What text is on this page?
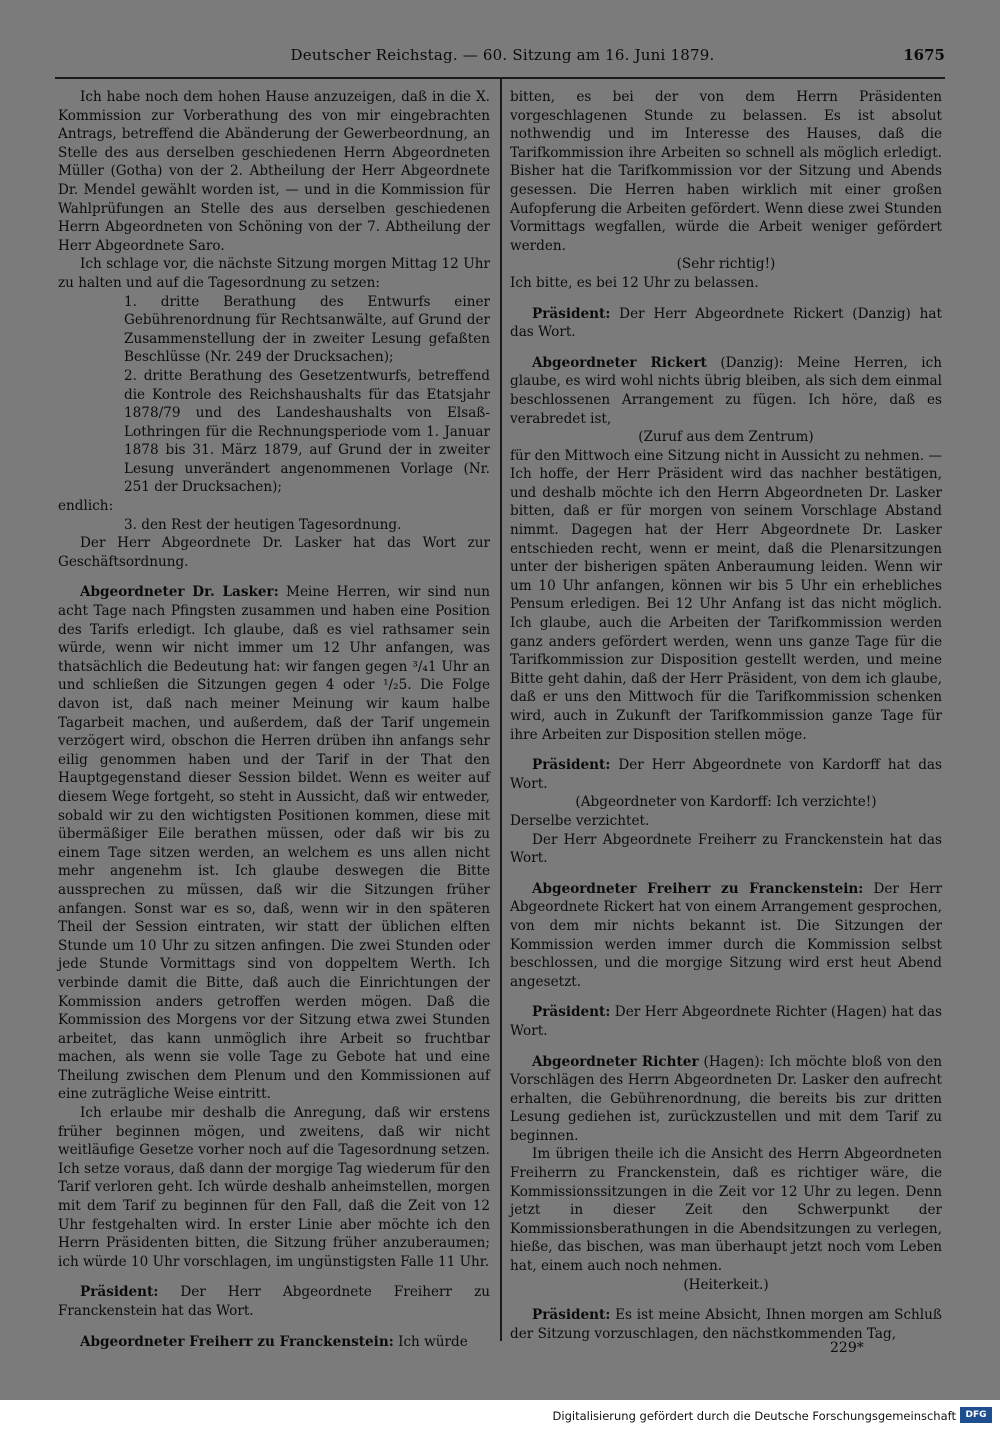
Deutscher Reichstag. — 60. Sitzung am 16. Juni 1879.	1675

Ich habe noch dem hohen Hause anzuzeigen, daß in die X. Kommission zur Vorberathung des von mir eingebrachten Antrags, betreffend die Abänderung der Gewerbeordnung, an Stelle des aus derselben geschiedenen Herrn Abgeordneten Müller (Gotha) von der 2. Abtheilung der Herr Abgeordnete Dr. Mendel gewählt worden ist, — und in die Kommission für Wahlprüfungen an Stelle des aus derselben geschiedenen Herrn Abgeordneten von Schöning von der 7. Abtheilung der Herr Abgeordnete Saro.

Ich schlage vor, die nächste Sitzung morgen Mittag 12 Uhr zu halten und auf die Tagesordnung zu setzen:

1. dritte Berathung des Entwurfs einer Gebührenordnung für Rechtsanwälte, auf Grund der Zusammenstellung der in zweiter Lesung gefaßten Beschlüsse (Nr. 249 der Drucksachen);
2. dritte Berathung des Gesetzentwurfs, betreffend die Kontrole des Reichshaushalts für das Etatsjahr 1878/79 und des Landeshaushalts von Elsaß-Lothringen für die Rechnungsperiode vom 1. Januar 1878 bis 31. März 1879, auf Grund der in zweiter Lesung unverändert angenommenen Vorlage (Nr. 251 der Drucksachen);

endlich:

3. den Rest der heutigen Tagesordnung.

Der Herr Abgeordnete Dr. Lasker hat das Wort zur Geschäftsordnung.

Abgeordneter Dr. Lasker: Meine Herren, wir sind nun acht Tage nach Pfingsten zusammen und haben eine Position des Tarifs erledigt. Ich glaube, daß es viel rathsamer sein würde, wenn wir nicht immer um 12 Uhr anfangen, was thatsächlich die Bedeutung hat: wir fangen gegen ³/₄1 Uhr an und schließen die Sitzungen gegen 4 oder ¹/₂5. Die Folge davon ist, daß nach meiner Meinung wir kaum halbe Tagarbeit machen, und außerdem, daß der Tarif ungemein verzögert wird, obschon die Herren drüben ihn anfangs sehr eilig genommen haben und der Tarif in der That den Hauptgegenstand dieser Session bildet. Wenn es weiter auf diesem Wege fortgeht, so steht in Aussicht, daß wir entweder, sobald wir zu den wichtigsten Positionen kommen, diese mit übermäßiger Eile berathen müssen, oder daß wir bis zu einem Tage sitzen werden, an welchem es uns allen nicht mehr angenehm ist. Ich glaube deswegen die Bitte aussprechen zu müssen, daß wir die Sitzungen früher anfangen. Sonst war es so, daß, wenn wir in den späteren Theil der Session eintraten, wir statt der üblichen elften Stunde um 10 Uhr zu sitzen anfingen. Die zwei Stunden oder jede Stunde Vormittags sind von doppeltem Werth. Ich verbinde damit die Bitte, daß auch die Einrichtungen der Kommission anders getroffen werden mögen. Daß die Kommission des Morgens vor der Sitzung etwa zwei Stunden arbeitet, das kann unmöglich ihre Arbeit so fruchtbar machen, als wenn sie volle Tage zu Gebote hat und eine Theilung zwischen dem Plenum und den Kommissionen auf eine zuträgliche Weise eintritt.

Ich erlaube mir deshalb die Anregung, daß wir erstens früher beginnen mögen, und zweitens, daß wir nicht weitläufige Gesetze vorher noch auf die Tagesordnung setzen. Ich setze voraus, daß dann der morgige Tag wiederum für den Tarif verloren geht. Ich würde deshalb anheimstellen, morgen mit dem Tarif zu beginnen für den Fall, daß die Zeit von 12 Uhr festgehalten wird. In erster Linie aber möchte ich den Herrn Präsidenten bitten, die Sitzung früher anzuberaumen; ich würde 10 Uhr vorschlagen, im ungünstigsten Falle 11 Uhr.

Präsident: Der Herr Abgeordnete Freiherr zu Franckenstein hat das Wort.

Abgeordneter Freiherr zu Franckenstein: Ich würde

bitten, es bei der von dem Herrn Präsidenten vorgeschlagenen Stunde zu belassen. Es ist absolut nothwendig und im Interesse des Hauses, daß die Tarifkommission ihre Arbeiten so schnell als möglich erledigt. Bisher hat die Tarifkommission vor der Sitzung und Abends gesessen. Die Herren haben wirklich mit einer großen Aufopferung die Arbeiten gefördert. Wenn diese zwei Stunden Vormittags wegfallen, würde die Arbeit weniger gefördert werden.

(Sehr richtig!)

Ich bitte, es bei 12 Uhr zu belassen.

Präsident: Der Herr Abgeordnete Rickert (Danzig) hat das Wort.

Abgeordneter Rickert (Danzig): Meine Herren, ich glaube, es wird wohl nichts übrig bleiben, als sich dem einmal beschlossenen Arrangement zu fügen. Ich höre, daß es verabredet ist,

(Zuruf aus dem Zentrum)

für den Mittwoch eine Sitzung nicht in Aussicht zu nehmen. — Ich hoffe, der Herr Präsident wird das nachher bestätigen, und deshalb möchte ich den Herrn Abgeordneten Dr. Lasker bitten, daß er für morgen von seinem Vorschlage Abstand nimmt. Dagegen hat der Herr Abgeordnete Dr. Lasker entschieden recht, wenn er meint, daß die Plenarsitzungen unter der bisherigen späten Anberaumung leiden. Wenn wir um 10 Uhr anfangen, können wir bis 5 Uhr ein erhebliches Pensum erledigen. Bei 12 Uhr Anfang ist das nicht möglich. Ich glaube, auch die Arbeiten der Tarifkommission werden ganz anders gefördert werden, wenn uns ganze Tage für die Tarifkommission zur Disposition gestellt werden, und meine Bitte geht dahin, daß der Herr Präsident, von dem ich glaube, daß er uns den Mittwoch für die Tarifkommission schenken wird, auch in Zukunft der Tarifkommission ganze Tage für ihre Arbeiten zur Disposition stellen möge.

Präsident: Der Herr Abgeordnete von Kardorff hat das Wort.

(Abgeordneter von Kardorff: Ich verzichte!)

Derselbe verzichtet.

Der Herr Abgeordnete Freiherr zu Franckenstein hat das Wort.

Abgeordneter Freiherr zu Franckenstein: Der Herr Abgeordnete Rickert hat von einem Arrangement gesprochen, von dem mir nichts bekannt ist. Die Sitzungen der Kommission werden immer durch die Kommission selbst beschlossen, und die morgige Sitzung wird erst heut Abend angesetzt.

Präsident: Der Herr Abgeordnete Richter (Hagen) hat das Wort.

Abgeordneter Richter (Hagen): Ich möchte bloß von den Vorschlägen des Herrn Abgeordneten Dr. Lasker den aufrecht erhalten, die Gebührenordnung, die bereits bis zur dritten Lesung gediehen ist, zurückzustellen und mit dem Tarif zu beginnen.

Im übrigen theile ich die Ansicht des Herrn Abgeordneten Freiherrn zu Franckenstein, daß es richtiger wäre, die Kommissionssitzungen in die Zeit vor 12 Uhr zu legen. Denn jetzt in dieser Zeit den Schwerpunkt der Kommissionsberathungen in die Abendsitzungen zu verlegen, hieße, das bischen, was man überhaupt jetzt noch vom Leben hat, einem auch noch nehmen.

(Heiterkeit.)

Präsident: Es ist meine Absicht, Ihnen morgen am Schluß der Sitzung vorzuschlagen, den nächstkommenden Tag,

229*
Digitalisierung gefördert durch die Deutsche Forschungsgemeinschaft	DFG
